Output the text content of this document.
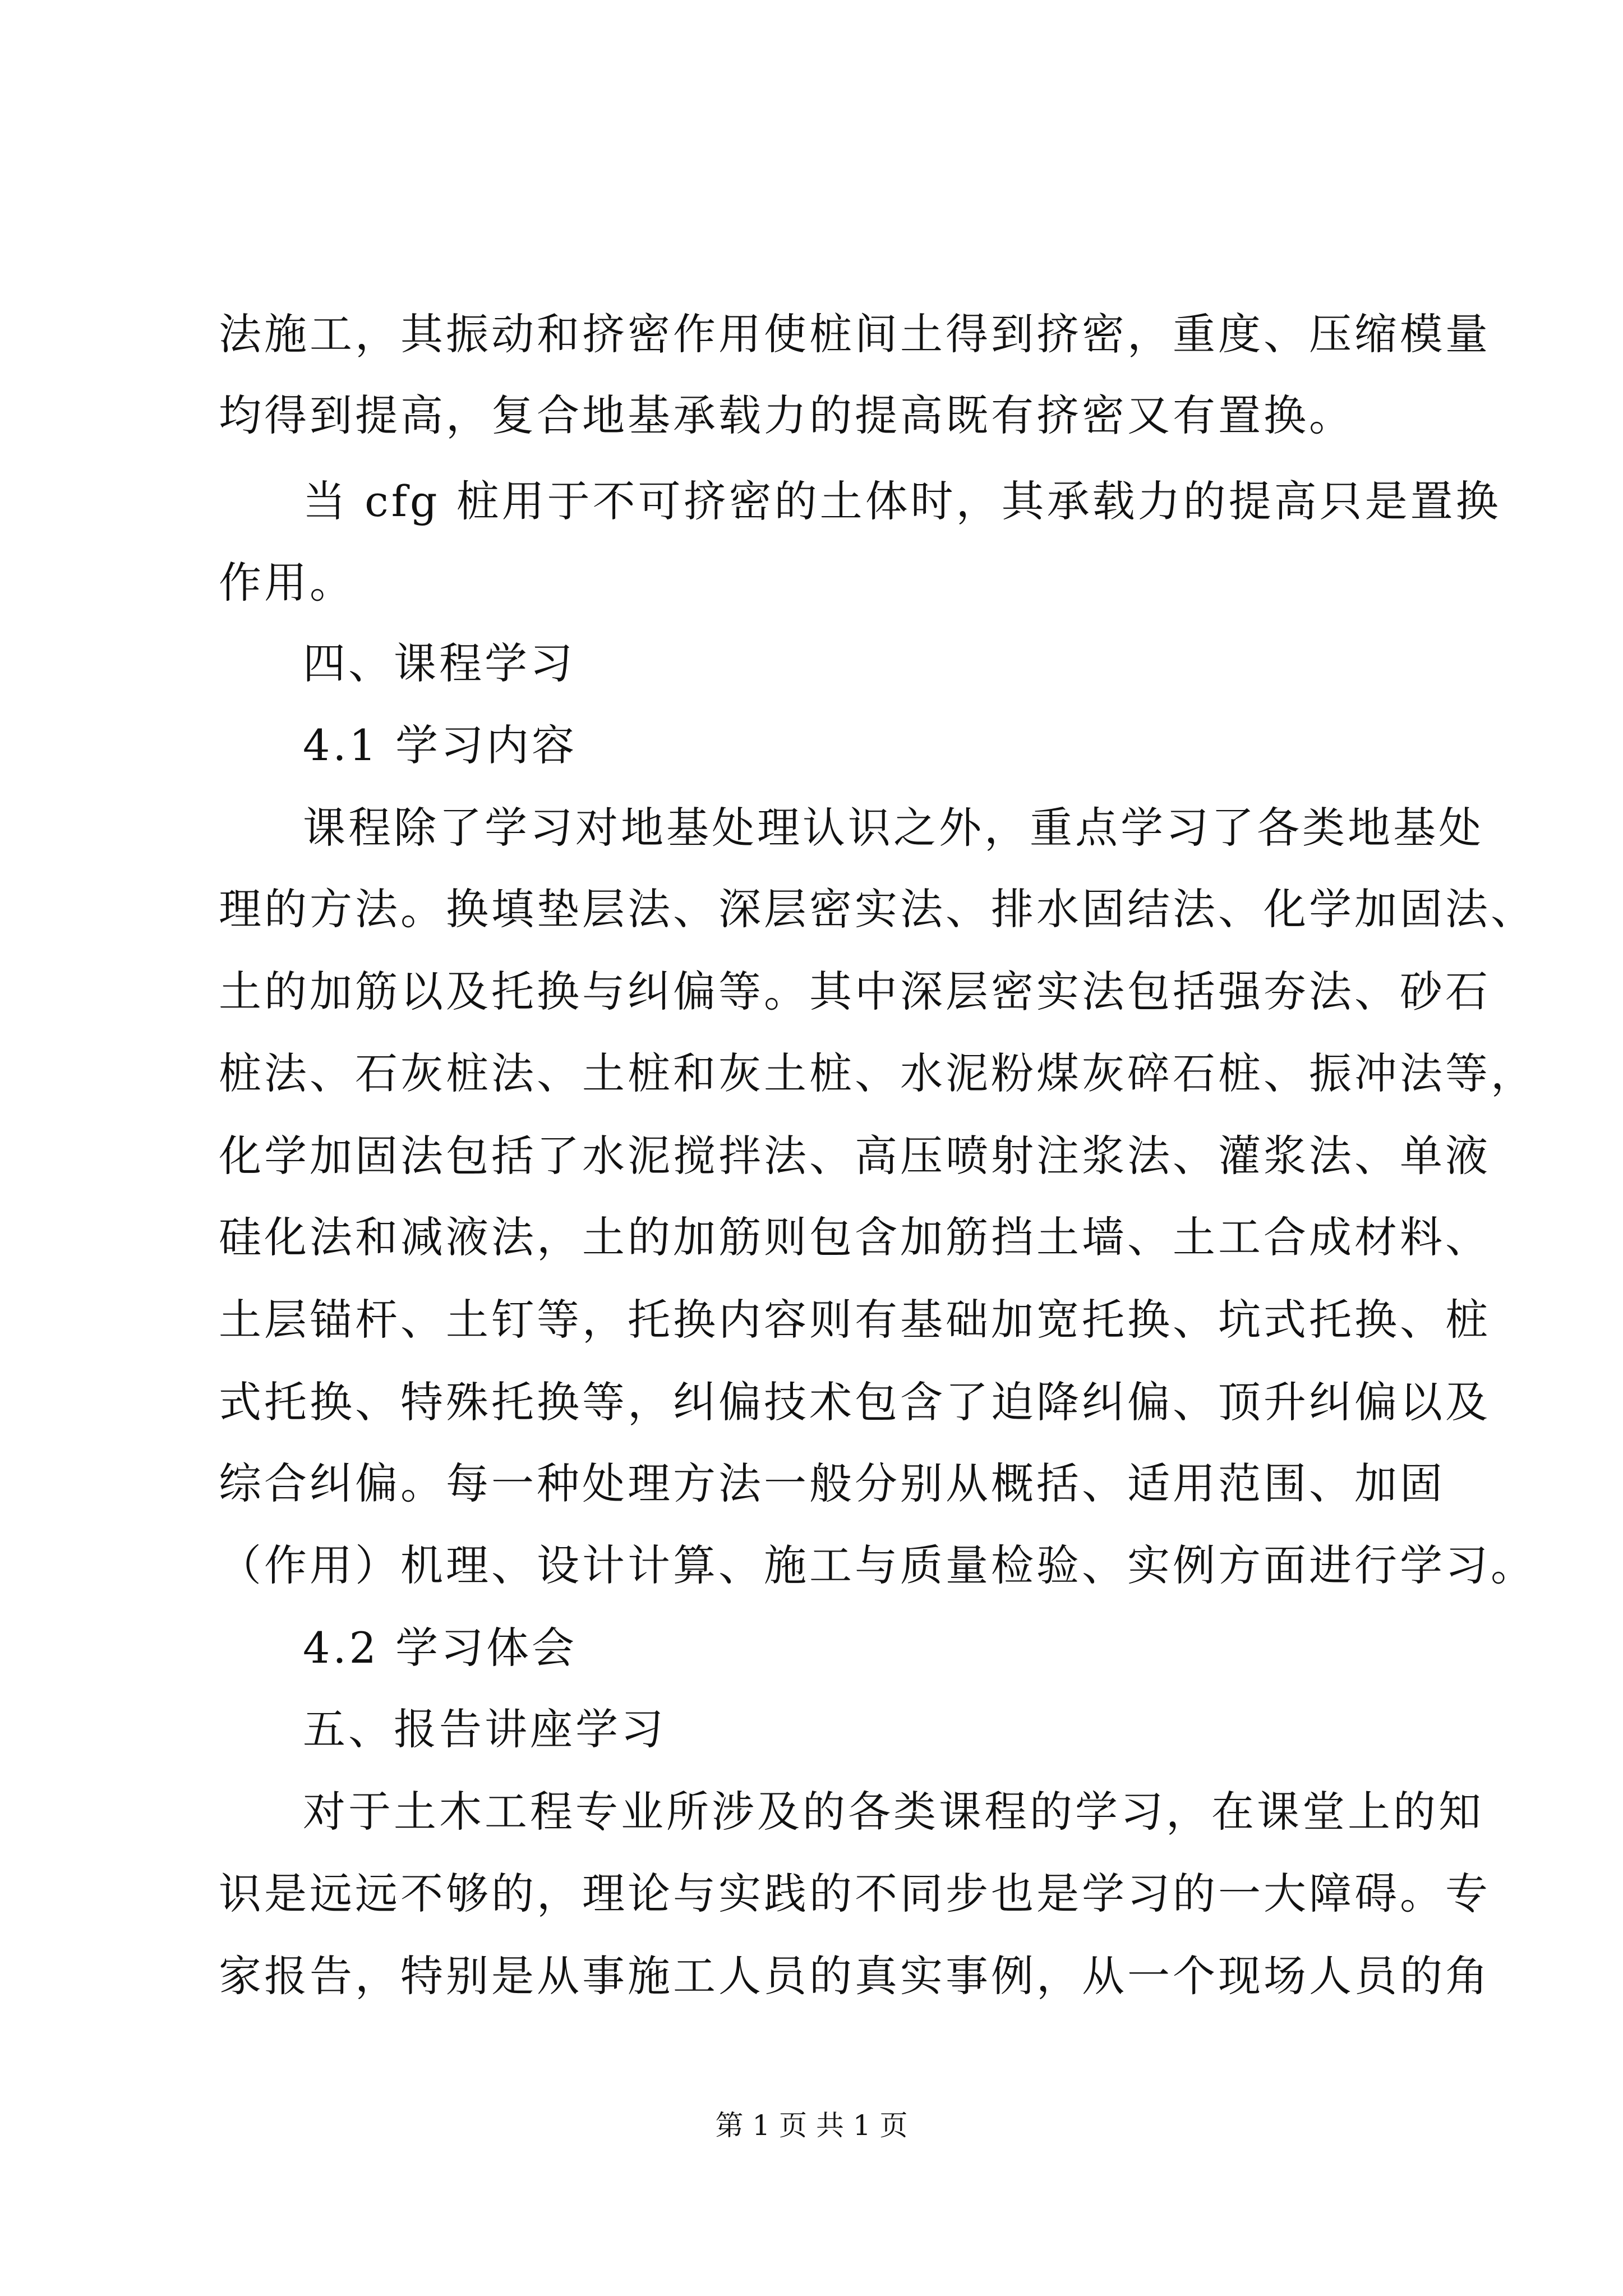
法施工，其振动和挤密作用使桩间土得到挤密，重度、压缩模量
均得到提高，复合地基承载力的提高既有挤密又有置换。
当 cfg 桩用于不可挤密的土体时，其承载力的提高只是置换
作用。
四、课程学习
4.1 学习内容
课程除了学习对地基处理认识之外，重点学习了各类地基处
理的方法。换填垫层法、深层密实法、排水固结法、化学加固法、
土的加筋以及托换与纠偏等。其中深层密实法包括强夯法、砂石
桩法、石灰桩法、土桩和灰土桩、水泥粉煤灰碎石桩、振冲法等，
化学加固法包括了水泥搅拌法、高压喷射注浆法、灌浆法、单液
硅化法和减液法，土的加筋则包含加筋挡土墙、土工合成材料、
土层锚杆、土钉等，托换内容则有基础加宽托换、坑式托换、桩
式托换、特殊托换等，纠偏技术包含了迫降纠偏、顶升纠偏以及
综合纠偏。每一种处理方法一般分别从概括、适用范围、加固
（作用）机理、设计计算、施工与质量检验、实例方面进行学习。
4.2 学习体会
五、报告讲座学习
对于土木工程专业所涉及的各类课程的学习，在课堂上的知
识是远远不够的，理论与实践的不同步也是学习的一大障碍。专
家报告，特别是从事施工人员的真实事例，从一个现场人员的角
第 1 页 共 1 页
